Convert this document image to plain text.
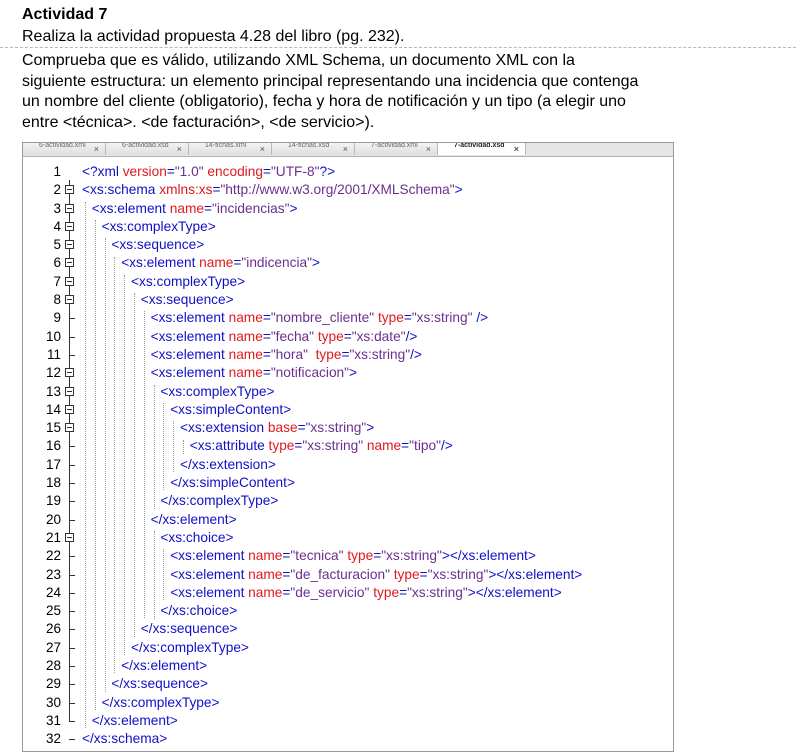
Actividad 7
Realiza la actividad propuesta 4.28 del libro (pg. 232).
Comprueba que es válido, utilizando XML Schema, un documento XML con la
siguiente estructura: un elemento principal representando una incidencia que contenga
un nombre del cliente (obligatorio), fecha y hora de notificación y un tipo (a elegir uno
entre <técnica>. <de facturación>, <de servicio>).
6-actividad.xml ×	6-actividad.xsd ×	14-fichas.xml ×	14-fichas.xsd ×	7-actividad.xml ×	7-actividad.xsd ×
1 <?xml version="1.0" encoding="UTF-8"?>
2 <xs:schema xmlns:xs="http://www.w3.org/2001/XMLSchema">
3 <xs:element name="incidencias">
4	<xs:complexType>
5	<xs:sequence>
6	<xs:element name="indicencia">
7	<xs:complexType>
8	<xs:sequence>
9	<xs:element name="nombre_cliente" type="xs:string" />
10	<xs:element name="fecha" type="xs:date"/>
11	<xs:element name="hora" type="xs:string"/>
12	<xs:element name="notificacion">
13	<xs:complexType>
14	<xs:simpleContent>
15	<xs:extension base="xs:string">
16	<xs:attribute type="xs:string" name="tipo"/>
17	</xs:extension>
18	</xs:simpleContent>
19	</xs:complexType>
20	</xs:element>
21	<xs:choice>
22	<xs:element name="tecnica" type="xs:string"></xs:element>
23	<xs:element name="de_facturacion" type="xs:string"></xs:element>
24	<xs:element name="de_servicio" type="xs:string"></xs:element>
25	</xs:choice>
26	</xs:sequence>
27	</xs:complexType>
28	</xs:element>
29	</xs:sequence>
30	</xs:complexType>
31 </xs:element>
32 </xs:schema>
